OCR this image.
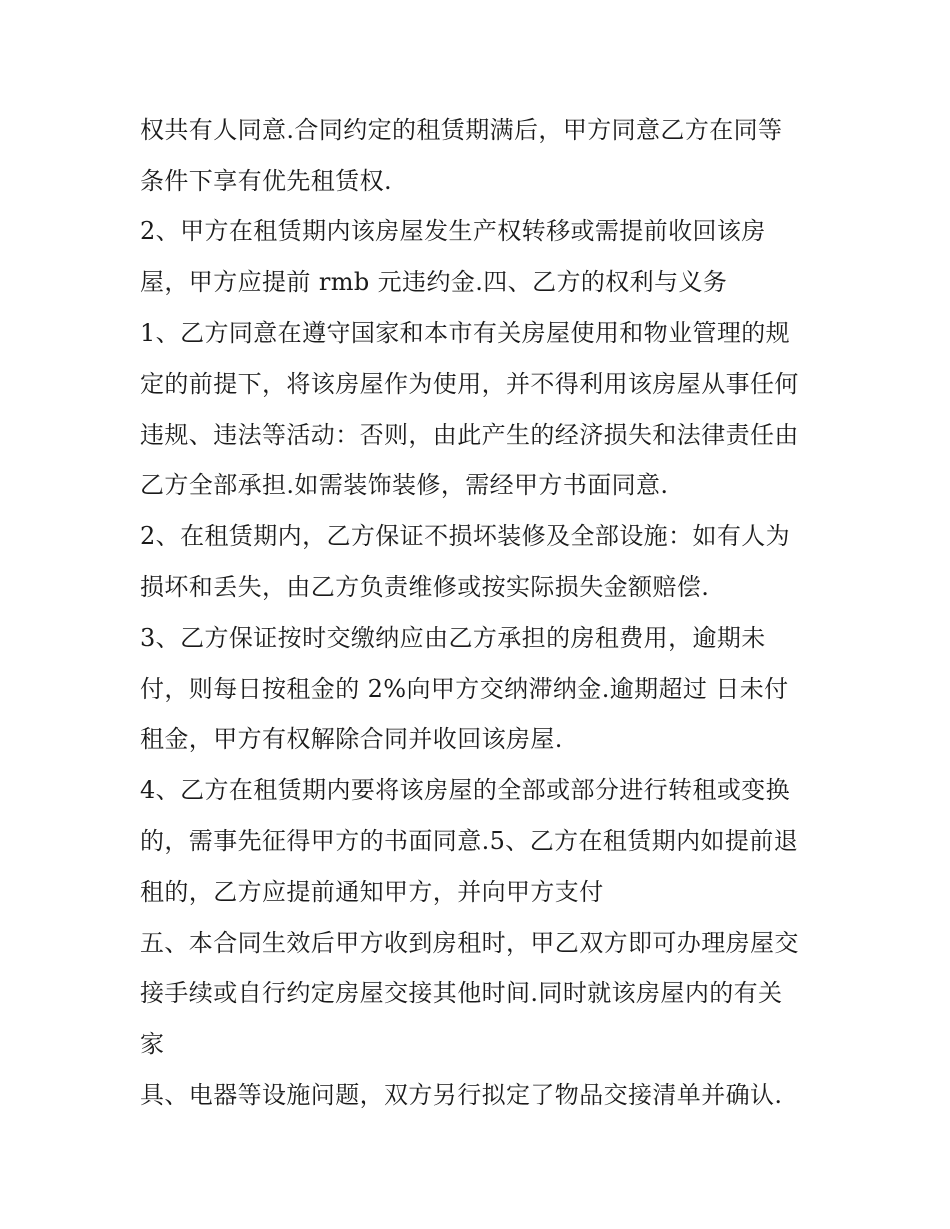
权共有人同意.合同约定的租赁期满后，甲方同意乙方在同等
条件下享有优先租赁权.
2、甲方在租赁期内该房屋发生产权转移或需提前收回该房
屋，甲方应提前 rmb 元违约金.四、乙方的权利与义务
1、乙方同意在遵守国家和本市有关房屋使用和物业管理的规
定的前提下，将该房屋作为使用，并不得利用该房屋从事任何
违规、违法等活动：否则，由此产生的经济损失和法律责任由
乙方全部承担.如需装饰装修，需经甲方书面同意.
2、在租赁期内，乙方保证不损坏装修及全部设施：如有人为
损坏和丢失，由乙方负责维修或按实际损失金额赔偿.
3、乙方保证按时交缴纳应由乙方承担的房租费用，逾期未
付，则每日按租金的 2%向甲方交纳滞纳金.逾期超过 日未付
租金，甲方有权解除合同并收回该房屋.
4、乙方在租赁期内要将该房屋的全部或部分进行转租或变换
的，需事先征得甲方的书面同意.5、乙方在租赁期内如提前退
租的，乙方应提前通知甲方，并向甲方支付
五、本合同生效后甲方收到房租时，甲乙双方即可办理房屋交
接手续或自行约定房屋交接其他时间.同时就该房屋内的有关
家
具、电器等设施问题，双方另行拟定了物品交接清单并确认.
